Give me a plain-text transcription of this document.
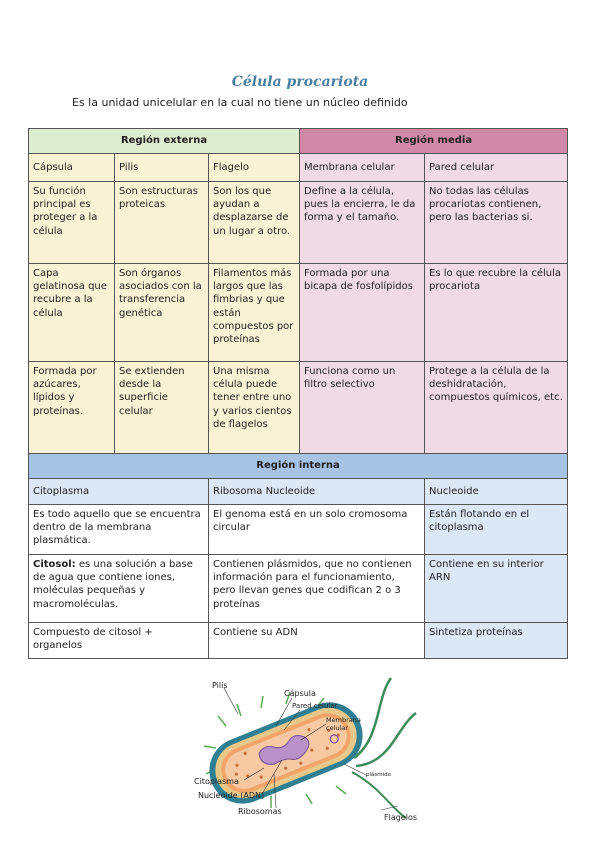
Célula procariota
Es la unidad unicelular en la cual no tiene un núcleo definido
Región externa			Región media	
Cápsula	Pilis	Flagelo	Membrana celular	Pared celular
Su función principal es proteger a la célula	Son estructuras proteicas	Son los que ayudan a desplazarse de un lugar a otro.	Define a la célula, pues la encierra, le da forma y el tamaño.	No todas las células procariotas contienen, pero las bacterias si.
Capa gelatinosa que recubre a la célula	Son órganos asociados con la transferencia genética	Filamentos más largos que las fimbrias y que están compuestos por proteínas	Formada por una bicapa de fosfolípidos	Es lo que recubre la célula procariota
Formada por azúcares, lípidos y proteínas.	Se extienden desde la superficie celular	Una misma célula puede tener entre uno y varios cientos de flagelos	Funciona como un filtro selectivo	Protege a la célula de la deshidratación, compuestos químicos, etc.
Región interna				
Citoplasma		Ribosoma Nucleoide		Nucleoide
Es todo aquello que se encuentra dentro de la membrana plasmática.		El genoma está en un solo cromosoma circular		Están flotando en el citoplasma
Citosol: es una solución a base de agua que contiene iones, moléculas pequeñas y macromoléculas.		Contienen plásmidos, que no contienen información para el funcionamiento, pero llevan genes que codifican 2 o 3 proteínas		Contiene en su interior ARN
Compuesto de citosol + organelos		Contiene su ADN		Sintetiza proteínas
Pilis
Cápsula
Pared celular
Membrana
celular
plásmido
Citoplasma
Nucleoide (ADN)
Ribosomas
Flagelos
